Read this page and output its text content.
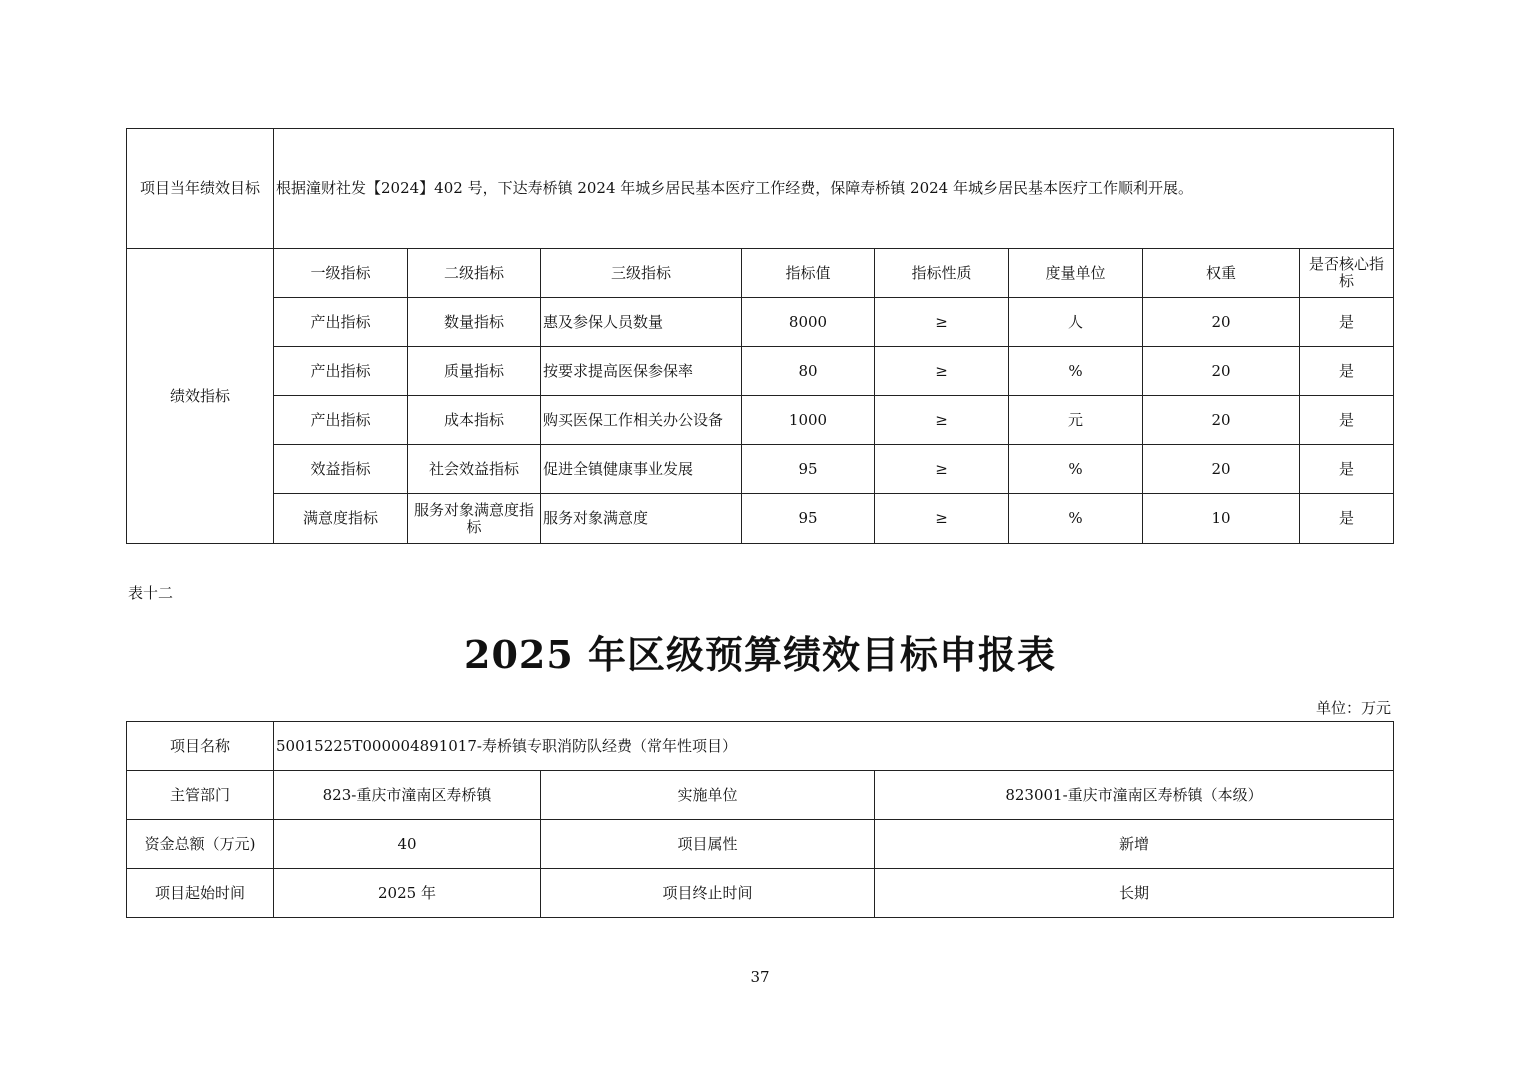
项目当年绩效目标	根据潼财社发【2024】402 号，下达寿桥镇 2024 年城乡居民基本医疗工作经费，保障寿桥镇 2024 年城乡居民基本医疗工作顺利开展。							
绩效指标	一级指标	二级指标	三级指标	指标值	指标性质	度量单位	权重	是否核心指标
	产出指标	数量指标	惠及参保人员数量	8000	≥	人	20	是
	产出指标	质量指标	按要求提高医保参保率	80	≥	%	20	是
	产出指标	成本指标	购买医保工作相关办公设备	1000	≥	元	20	是
	效益指标	社会效益指标	促进全镇健康事业发展	95	≥	%	20	是
	满意度指标	服务对象满意度指标	服务对象满意度	95	≥	%	10	是
表十二
2025 年区级预算绩效目标申报表
单位：万元
项目名称	50015225T000004891017-寿桥镇专职消防队经费（常年性项目）		
主管部门	823-重庆市潼南区寿桥镇	实施单位	823001-重庆市潼南区寿桥镇（本级）
资金总额（万元)	40	项目属性	新增
项目起始时间	2025 年	项目终止时间	长期
37
